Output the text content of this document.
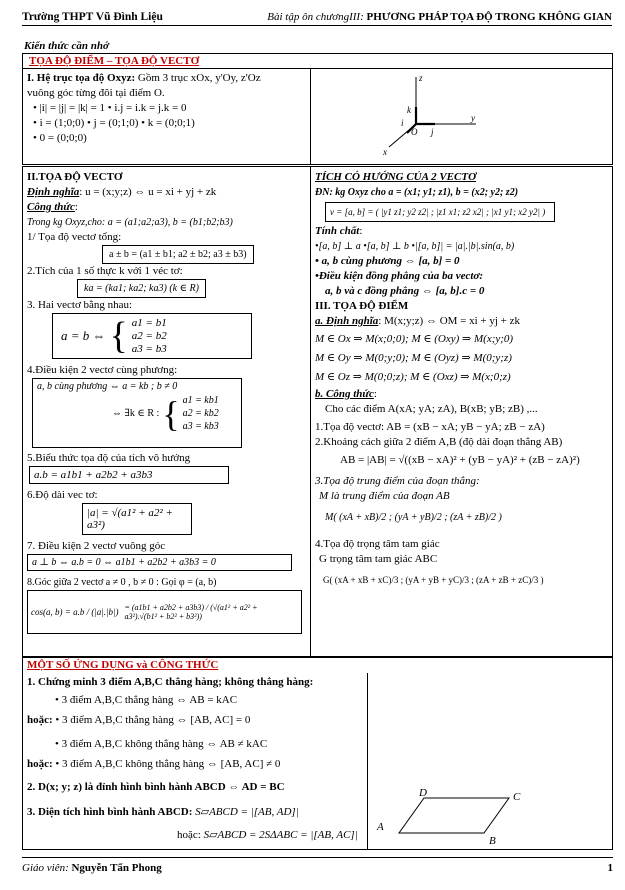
Trường THPT Vũ Đình Liệu	Bài tập ôn chươngIII: PHƯƠNG PHÁP TỌA ĐỘ TRONG KHÔNG GIAN
Kiến thức cần nhớ
TỌA ĐỘ ĐIỂM – TỌA ĐỘ VECTƠ
I. Hệ trục tọa độ Oxyz: Gồm 3 trục xOx, y'Oy, z'Oz
vuông góc từng đôi tại điểm O.
• |i| = |j| = |k| = 1 • i.j = i.k = j.k = 0
• i = (1;0;0) • j = (0;1;0) • k = (0;0;1)
• 0 = (0;0;0)
z
y
x
k
j
i
O
II.TỌA ĐỘ VECTƠ
Định nghĩa: u = (x;y;z) ⇔ u = xi + yj + zk
Công thức:
Trong kg Oxyz,cho: a = (a1;a2;a3), b = (b1;b2;b3)
1/ Tọa độ vectơ tổng:
a ± b = (a1 ± b1; a2 ± b2; a3 ± b3)
2.Tích của 1 số thực k với 1 véc tơ:
ka = (ka1; ka2; ka3) (k ∈ R)
3. Hai vectơ bằng nhau:
a = b ⇔ { a1 = b1
a2 = b2
a3 = b3
4.Điều kiện 2 vectơ cùng phương:
a, b cùng phương ⇔ a = kb ; b ≠ 0
⇔ ∃k ∈ R : { a1 = kb1
a2 = kb2
a3 = kb3
5.Biểu thức tọa độ của tích vô hướng
a.b = a1b1 + a2b2 + a3b3
6.Độ dài vec tơ:
|a| = √(a1² + a2² + a3²)
7. Điều kiện 2 vectơ vuông góc
a ⊥ b ⇔ a.b = 0 ⇔ a1b1 + a2b2 + a3b3 = 0
8.Góc giữa 2 vectơ a ≠ 0 , b ≠ 0 : Gọi φ = (a, b)
cos(a, b) = a.b / (|a|.|b|) = (a1b1 + a2b2 + a3b3) / (√(a1² + a2² + a3²).√(b1² + b2² + b3²))
TÍCH CÓ HƯỚNG CỦA 2 VECTƠ
ĐN: kg Oxyz cho a = (x1; y1; z1), b = (x2; y2; z2)
v = [a, b] = ( |y1 z1; y2 z2| ; |z1 x1; z2 x2| ; |x1 y1; x2 y2| )
Tính chất:
•[a, b] ⊥ a •[a, b] ⊥ b •|[a, b]| = |a|.|b|.sin(a, b)
• a, b cùng phương ⇔ [a, b] = 0
•Điều kiện đồng phẳng của ba vectơ:
a, b và c đồng phẳng ⇔ [a, b].c = 0
III. TỌA ĐỘ ĐIỂM
a. Định nghĩa: M(x;y;z) ⇔ OM = xi + yj + zk
M ∈ Ox ⇒ M(x;0;0); M ∈ (Oxy) ⇒ M(x;y;0)
M ∈ Oy ⇒ M(0;y;0); M ∈ (Oyz) ⇒ M(0;y;z)
M ∈ Oz ⇒ M(0;0;z); M ∈ (Oxz) ⇒ M(x;0;z)
b. Công thức:
Cho các điểm A(xA; yA; zA), B(xB; yB; zB) ,...
1.Tọa độ vectơ: AB = (xB − xA; yB − yA; zB − zA)
2.Khoảng cách giữa 2 điểm A,B (độ dài đoạn thẳng AB)
AB = |AB| = √((xB − xA)² + (yB − yA)² + (zB − zA)²)
3.Tọa độ trung điểm của đoạn thẳng:
M là trung điểm của đoạn AB
M( (xA + xB)/2 ; (yA + yB)/2 ; (zA + zB)/2 )
4.Tọa độ trọng tâm tam giác
G trọng tâm tam giác ABC
G( (xA + xB + xC)/3 ; (yA + yB + yC)/3 ; (zA + zB + zC)/3 )
MỘT SỐ ỨNG DỤNG và CÔNG THỨC
1. Chứng minh 3 điểm A,B,C thẳng hàng; không thẳng hàng:
• 3 điểm A,B,C thẳng hàng ⇔ AB = kAC
hoặc: • 3 điểm A,B,C thẳng hàng ⇔ [AB, AC] = 0
• 3 điểm A,B,C không thẳng hàng ⇔ AB ≠ kAC
hoặc: • 3 điểm A,B,C không thẳng hàng ⇔ [AB, AC] ≠ 0
2. D(x; y; z) là đỉnh hình bình hành ABCD ⇔ AD = BC
3. Diện tích hình bình hành ABCD: S▱ABCD = |[AB, AD]|
hoặc: S▱ABCD = 2SΔABC = |[AB, AC]|
D	C
A
B
Giáo viên: Nguyễn Tấn Phong	1
